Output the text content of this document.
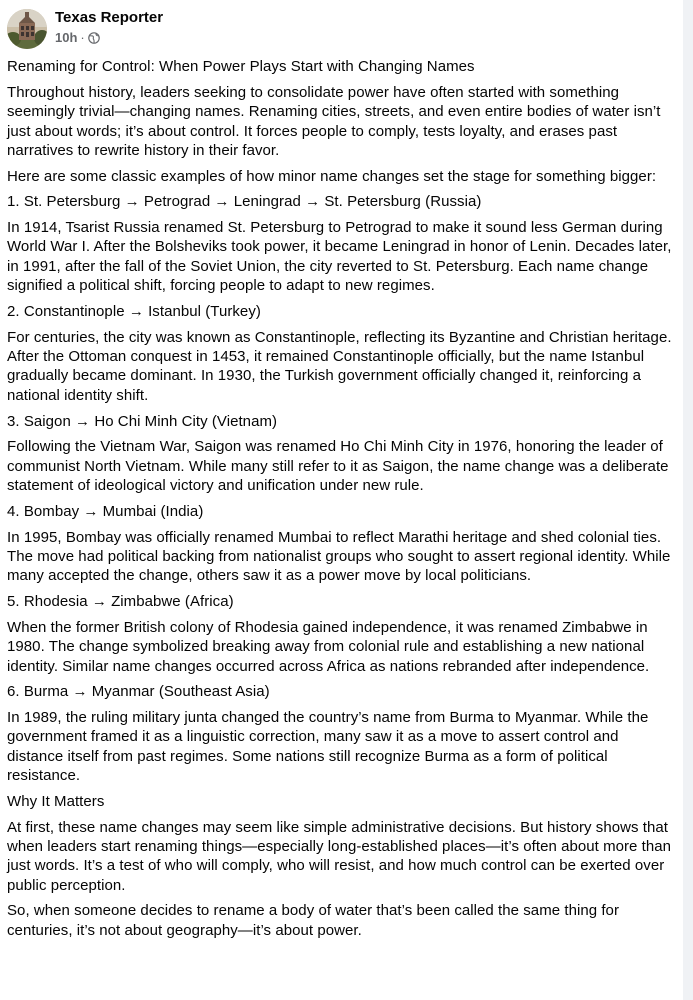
Texas Reporter
10h ·

Renaming for Control: When Power Plays Start with Changing Names

Throughout history, leaders seeking to consolidate power have often started with something seemingly trivial—changing names. Renaming cities, streets, and even entire bodies of water isn’t just about words; it’s about control. It forces people to comply, tests loyalty, and erases past narratives to rewrite history in their favor.

Here are some classic examples of how minor name changes set the stage for something bigger:

1. St. Petersburg → Petrograd → Leningrad → St. Petersburg (Russia)

In 1914, Tsarist Russia renamed St. Petersburg to Petrograd to make it sound less German during World War I. After the Bolsheviks took power, it became Leningrad in honor of Lenin. Decades later, in 1991, after the fall of the Soviet Union, the city reverted to St. Petersburg. Each name change signified a political shift, forcing people to adapt to new regimes.

2. Constantinople → Istanbul (Turkey)

For centuries, the city was known as Constantinople, reflecting its Byzantine and Christian heritage. After the Ottoman conquest in 1453, it remained Constantinople officially, but the name Istanbul gradually became dominant. In 1930, the Turkish government officially changed it, reinforcing a national identity shift.

3. Saigon → Ho Chi Minh City (Vietnam)

Following the Vietnam War, Saigon was renamed Ho Chi Minh City in 1976, honoring the leader of communist North Vietnam. While many still refer to it as Saigon, the name change was a deliberate statement of ideological victory and unification under new rule.

4. Bombay → Mumbai (India)

In 1995, Bombay was officially renamed Mumbai to reflect Marathi heritage and shed colonial ties. The move had political backing from nationalist groups who sought to assert regional identity. While many accepted the change, others saw it as a power move by local politicians.

5. Rhodesia → Zimbabwe (Africa)

When the former British colony of Rhodesia gained independence, it was renamed Zimbabwe in 1980. The change symbolized breaking away from colonial rule and establishing a new national identity. Similar name changes occurred across Africa as nations rebranded after independence.

6. Burma → Myanmar (Southeast Asia)

In 1989, the ruling military junta changed the country’s name from Burma to Myanmar. While the government framed it as a linguistic correction, many saw it as a move to assert control and distance itself from past regimes. Some nations still recognize Burma as a form of political resistance.

Why It Matters

At first, these name changes may seem like simple administrative decisions. But history shows that when leaders start renaming things—especially long-established places—it’s often about more than just words. It’s a test of who will comply, who will resist, and how much control can be exerted over public perception.

So, when someone decides to rename a body of water that’s been called the same thing for centuries, it’s not about geography—it’s about power.
